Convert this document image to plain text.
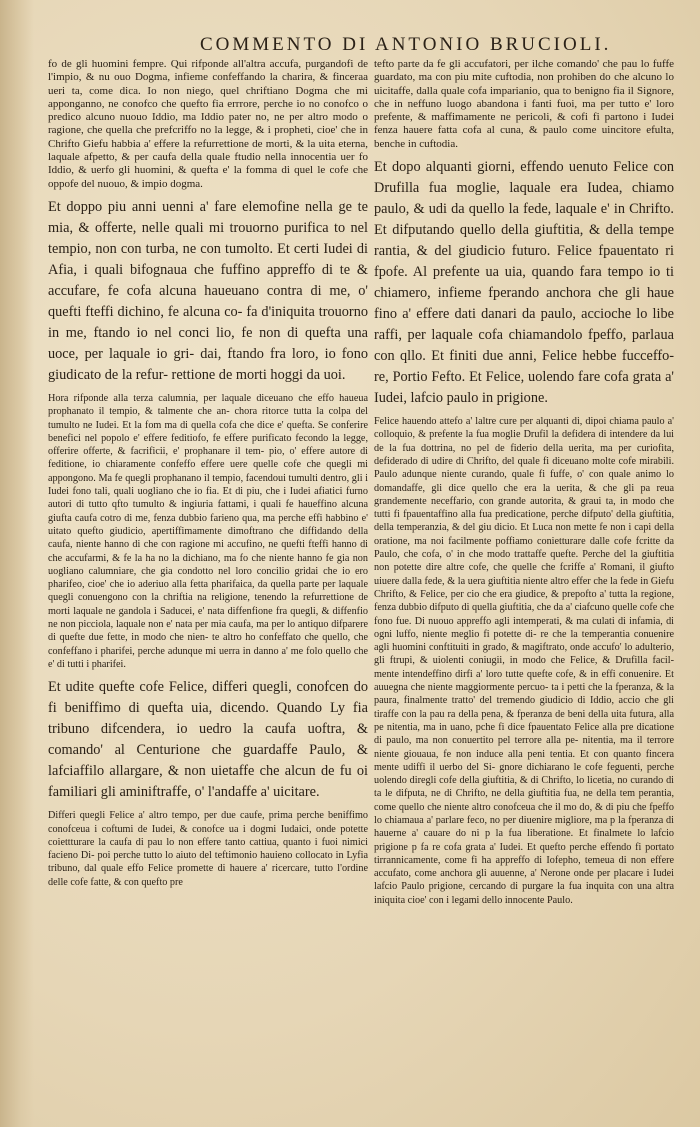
COMMENTO DI ANTONIO BRUCIOLI.

fo de gli huomini fempre. Qui rifponde all'altra accufa, purgandofi de l'impio, & nu ouo Dogma, infieme confeffando la charira, & finceraa ueri ta, come dica. Io non niego, quel chriftiano Dogma che mi apponganno, ne conofco che quefto fia errrore, perche io no conofco o predico alcuno nuouo Iddio, ma Iddio pater no, ne per altro modo o ragione, che quella che prefcriffo no la legge, & i propheti, cioe' che in Chrifto Giefu habbia a' effere la refurrettione de morti, & la uita eterna, laquale afpetto, & per caufa della quale ftudio nella innocentia uer fo Iddio, & uerfo gli huomini, & quefta e' la fomma di quel le cofe che oppofe del nuouo, & impio dogma.

Et doppo piu anni uenni a' fare elemofine nella ge te mia, & offerte, nelle quali mi trouorno purifica to nel tempio, non con turba, ne con tumolto. Et certi Iudei di Afia, i quali bifognaua che fuffino appreffo di te & accufare, fe cofa alcuna haueuano contra di me, o' quefti fteffi dichino, fe alcuna co- fa d'iniquita trouorno in me, ftando io nel conci lio, fe non di quefta una uoce, per laquale io gri- dai, ftando fra loro, io fono giudicato de la refur- rettione de morti hoggi da uoi.

Hora rifponde alla terza calumnia, per laquale diceuano che effo haueua prophanato il tempio, & talmente che an- chora ritorce tutta la colpa del tumulto ne Iudei. Et la fom ma di quella cofa che dice e' quefta. Se conferire benefici nel popolo e' effere feditiofo, fe effere purificato fecondo la legge, offerire offerte, & facrificii, e' prophanare il tem- pio, o' effere autore di feditione, io chiaramente confeffo effere uere quelle cofe che quegli mi appongono. Ma fe quegli prophanano il tempio, facendoui tumulti dentro, gli i Iudei fono tali, quali uogliano che io fia. Et di piu, che i Iudei afiatici furno autori di tutto qfto tumulto & ingiuria fattami, i quali fe haueffino alcuna giufta caufa cotro di me, fenza dubbio farieno qua, ma perche effi habbino e' uitato quefto giudicio, apertiffimamente dimoftrano che diffidando della caufa, niente hanno di che con ragione mi accufino, ne quefti fteffi hanno di che accufarmi, & fe la ha no la dichiano, ma fo che niente hanno fe gia non uogliano calumniare, che gia condotto nel loro concilio gridai che io ero pharifeo, cioe' che io aderiuo alla fetta pharifaica, da quella parte per laquale quegli conuengono con la chriftia na religione, tenendo la refurrettione de morti laquale ne gandola i Saducei, e' nata diffenfione fra quegli, & diffenfio ne non picciola, laquale non e' nata per mia caufa, ma per lo antiquo difparere di quefte due fette, in modo che nien- te altro ho confeffato che quello, che confeffano i pharifei, perche adunque mi uerra in danno a' me folo quello che e' di tutti i pharifei.

Et udite quefte cofe Felice, differi quegli, conofcen do fi beniffimo di quefta uia, dicendo. Quando Ly fia tribuno difcendera, io uedro la caufa uoftra, & comando' al Centurione che guardaffe Paulo, & lafciaffilo allargare, & non uietaffe che alcun de fu oi familiari gli aminiftraffe, o' l'andaffe a' uicitare.

Differi quegli Felice a' altro tempo, per due caufe, prima perche beniffimo conofceua i coftumi de Iudei, & conofce ua i dogmi Iudaici, onde potette coiettturare la caufa di pau lo non effere tanto cattiua, quanto i fuoi nimici facieno Di- poi perche tutto lo aiuto del teftimonio hauieno collocato in Lyfia tribuno, dal quale effo Felice promette di hauere a' ricercare, tutto l'ordine delle cofe fatte, & con quefto pre

tefto parte da fe gli accufatori, per ilche comando' che pau lo fuffe guardato, ma con piu mite cuftodia, non prohiben do che alcuno lo uicitaffe, dalla quale cofa imparianio, qua to benigno fia il Signore, che in neffuno luogo abandona i fanti fuoi, ma per tutto e' loro prefente, & maffimamente ne pericoli, & cofi fi partono i Iudei fenza hauere fatta cofa al cuna, & paulo come uincitore efulta, benche in cuftodia.

Et dopo alquanti giorni, effendo uenuto Felice con Drufilla fua moglie, laquale era Iudea, chiamo paulo, & udi da quello la fede, laquale e' in Chrifto. Et difputando quello della giuftitia, & della tempe rantia, & del giudicio futuro. Felice fpauentato ri fpofe. Al prefente ua uia, quando fara tempo io ti chiamero, infieme fperando anchora che gli haue fino a' effere dati danari da paulo, accioche lo libe raffi, per laquale cofa chiamandolo fpeffo, parlaua con qllo. Et finiti due anni, Felice hebbe fucceffo- re, Portio Fefto. Et Felice, uolendo fare cofa grata a' Iudei, lafcio paulo in prigione.

Felice hauendo attefo a' laltre cure per alquanti di, dipoi chiama paulo a' colloquio, & prefente la fua moglie Drufil la defidera di intendere da lui de la fua dottrina, no pel de fiderio della uerita, ma per curiofita, defiderado di udire di Chrifto, del quale fi diceuano molte cofe mirabili. Paulo adunque niente curando, quale fi fuffe, o' con quale animo lo domandaffe, gli dice quello che era la uerita, & che gli pa reua grandemente neceffario, con grande autorita, & graui ta, in modo che tutti fi fpauentaffino alla fua predicatione, perche difputo' della giuftitia, della temperanzia, & del giu dicio. Et Luca non mette fe non i capi della oratione, ma noi facilmente poffiamo conietturare dalle cofe fcritte da Paulo, che cofa, o' in che modo trattaffe quefte. Perche del la giuftitia non potette dire altre cofe, che quelle che fcriffe a' Romani, il giufto uiuere dalla fede, & la uera giuftitia niente altro effer che la fede in Giefu Chrifto, & Felice, per cio che era giudice, & prepofto a' tutta la regione, fenza dubbio difputo di quella giuftitia, che da a' ciafcuno quelle cofe che fono fue. Di nuouo appreffo agli intemperati, & ma culati di infamia, di ogni luffo, niente meglio fi potette di- re che la temperantia conuenire agli huomini conftituiti in grado, & magiftrato, onde accufo' lo adulterio, gli ftrupi, & uiolenti coniugii, in modo che Felice, & Drufilla facil- mente intendeffino dirfi a' loro tutte quefte cofe, & in effi conuenire. Et auuegna che niente maggiormente percuo- ta i petti che la fperanza, & la paura, finalmente tratto' del tremendo giudicio di Iddio, accio che gli tiraffe con la pau ra della pena, & fperanza de beni della uita futura, alla pe nitentia, ma in uano, pche fi dice fpauentato Felice alla pre dicatione di paulo, ma non conuertito pel terrore alla pe- nitentia, ma il terrore niente giouaua, fe non induce alla peni tentia. Et con quanto fincera mente udiffi il uerbo del Si- gnore dichiarano le cofe feguenti, perche uolendo diregli cofe della giuftitia, & di Chrifto, lo licetia, no curando di ta le difputa, ne di Chrifto, ne della giuftitia fua, ne della tem perantia, come quello che niente altro conofceua che il mo do, & di piu che fpeffo lo chiamaua a' parlare feco, no per diuenire migliore, ma p la fperanza di hauerne a' cauare do ni p la fua liberatione. Et finalmete lo lafcio prigione p fa re cofa grata a' Iudei. Et quefto perche effendo fi portato tirrannicamente, come fi ha appreffo di Iofepho, temeua di non effere accufato, come anchora gli auuenne, a' Nerone onde per placare i Iudei lafcio Paulo prigione, cercando di purgare la fua inquita con una altra iniquita cioe' con i legami dello innocente Paulo.
